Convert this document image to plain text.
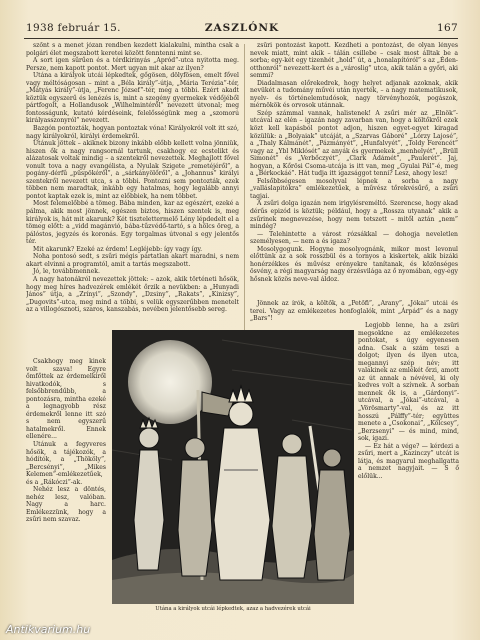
1938 február 15.	ZASZLÓNK	167

szőnt s a menet józan rendben kezdett kialakulni, mintha csak a polgári élet megszabott keretei között fenntenni mint se.

A sort igen sűrűen és a térdkirinyás „Apród”-utca nyitotta meg. Persze, nem kapott pontot. Mert ugyan mit akar az ilyen?

Utána a királyok utcái lépkedtek, gőgösen, dölyfösen, emelt fővel vagy méltóságosan – mint a „Béla király”-útja, „Mária Terézia”-tér, „Mátyás király”-útja, „Ferenc József”-tér, meg a többi. Ezért akadt köztük egyszerű és lenézés is, mint a szegény gyermekek védőjéből pártfogolt, a Hollandusok „Wilhelmintéről” nevezett útvonal; meg fontosságunk, kutató kérdéseink, felelősségünk meg a „szomorú királyasszonyról” nevezett.

Bazgón pontozták, hogyan pontoztak vóna! Királyokról volt itt szó, nagy királyokról, királyi érdemekről.

Utánuk jöttek – akiknek bizony inkább előbb kellett volna jönniük, hiszen ők a nagy rangsornál tartunk, csakhogy ez ecstelikt és alázatosak voltak mindig – a szentekről nevezettek. Meghajlott fővel vonult tova a nagy evangélista, a Nyulak Szigete „remetéjéről”, a pogány-dérfű „püspökéről”, a „sárkányölőről”, a „Johannus” királyi szentekről nevezett utca, s a többi. Pontozni sem pontozták, ezek többen nem maradtak, inkább egy hatalmas, hogy legalább annyi pontot kaptak ezek is, mint az előbbiek, ha nem többet.

Most felemelőbbé a tömeg. Bába minden, kar az egészért, ezeké a pálma, akik most jönnek, egészen biztos, hiszen szentek is, meg királyok is, hát mit akarunk? Két tisztelettermelő Lény lépdedelt el a tömeg előtt: a „vidd magánvió, bába-tűzvédő-tartó, s a hölcs öreg, a pálóstos, jegyzés és koronás. Egy torgalmas útvonal s egy jelentős tér.

Mit akarunk? Ezeké az érdem! Legléjebb: így vagy így.

Noha pontosó sedt, s zsűri mégis pártatlan akart maradni, s nem akart elvinni a programtól, amit a tartás megszabott.

Jó, le, továbbmennek.

A nagy hatonákról nevezettek jöttek: – azok, akik történeti hősök, hogy meg híres hadvezérek emlékét őrzik a nevükben: a „Hunyadi János” útja, a „Zrínyi”, „Szondy”, „Dzsiny”, „Rakats”, „Kinizsy”, „Dugovits”-utca, meg mind a többi, s velük egyszerűbben menetelt az a villogósznoti, szaros, kanszabás, nevében jelentősebb sereg.

zsűri pontozást kapott. Kezdheti a pontozást, de olyan lényes nevek miatt, mint akik – tálán csillebe – csak most álltak be a sorba; egy-két egy tizenhét „hold” út, a „honalapítóról” s az „Éden-otthonról” nevezett-kert és a „városlig” utca, akik talán a győri, aki semmi?

Diadalmasan előrekedrek, hogy helyet adjanak azoknak, akik nevükét a tudomány művéi után nyerték, – a nagy matematikusok, nyelv- és történelemtudósok, nagy törvényhozók, pogászok, mérnökök és orvosok utánnak.

Szép számmal vannak, halistenek! A zsűri mér az „Elnök”-utcával az elén – igazán nagy zavarban van, hogy a költőkről ezek közt kell kapásból pontot adjon, hiszen egyet-egyet kiragad közülük: a „Bolyaiak” utcáját, a „Szarvas Gáboré” „Lórzy Lajosé”, a „Thaly Kálmánét”, „Pázmányét”, „Hunfalvyét”, „Toldy Ferencét” vagy az „Ybl Miklósét” az anyák és gyermekek „menhelyét”, „Brüll Simonét” és „Verbőczyét”, „Clark Ádámét”, „Paulerét”. Jaj, hogyan, a Kőrösi Csoma-utcája is itt van, meg „Gyulai Pál”-é, meg a „Bérkockáé”. Hát tudja itt igazsággot tenni? Lesz, ahogy lesz!

Felsőbbségesen mosolyval lépnek a sorba a nagy „valláslapitókra” emlékezetűek, a művész tőrekvésűrő, a zsűri tagjai.

A zsűri dolga igazán nem irigylésreméltó. Szerencse, hogy akad dérűs epizód is köztük; például, hogy a „Rossza utyanak” akik a zsűrinek megnevezése, hogy nem tetszett – mitől aztán „nem” mindég?

— Telehintette a várost rózsákkal — dohogja neveletlen személyesen, — nem a és igaza?

Mosolygogunk. Hogyne mosolyognánk, mikor most levonul előttünk az a sok rosszbül és a tornyos a kiskertek, akik bizáki honérzékkes és művész erényekre tanítanak, és közönséges ösvény, a régi magyarság nagy érzésvilága az ő nyomában, egy-egy hősnek közös neve-val áldoz.

Jönnek az írók, a költők, a „Petőfi”, „Arany”, „Jókai” utcái és terei. Vagy az emlékezetes honfoglalók, mint „Árpád” és a nagy „Bars”!

Csakhogy meg kinek volt szava! Egyre őmfőttek az érdemelkiről hivatkodók, s felsőbbrendűbb, a pontozásra, mintha ezeké a legnagyobb rész érdemekről lenne itt szó s nem egyszerű hatalmekről. Ennek ellenére...

Utánuk a fegyveres hősök, a tájékozók, a hódítók, a „Thököly”, „Bercsényi”, „Mikes Kelemen”-emlékezetűek, és a „Rákóczi”-ak.

Nehéz lesz a döntés, nehéz lesz, valóban. Nagy a harc. Emlékezzünk, hogy a zsűri nem szavaz.

Legjobb lenne, ha a zsűri megsokkne az emlékezetes pontokat, s úgy egyenesen adna. Csak a szám teszi a dolgot; ilyen és ilyen utca, megannyi szép név; itt valakinek az emlékét őrzi, amott az út annak a névével, ki oly kedves volt a szívnek. A sorban mennek ők is, a „Gárdonyi”-utcával, a „Jókai”-utcával, a „Vörösmarty”-val, és az itt hosszú „Pálffy”-tér; együttes menete a „Csokonai”, „Kölcsey”, „Berzsenyi” — és mind, mind, sok, igazi.

— Ez hát a vége? — kérdezi a zsűri, mert a „Kazinczy” utcát is látja, és magyarul meghallgatta a nemzet nagyjait. — S ő előlük...

Utána a királyok utcái lépkedtek, azaz a hadvezérek utcái
Antikvarium.hu
